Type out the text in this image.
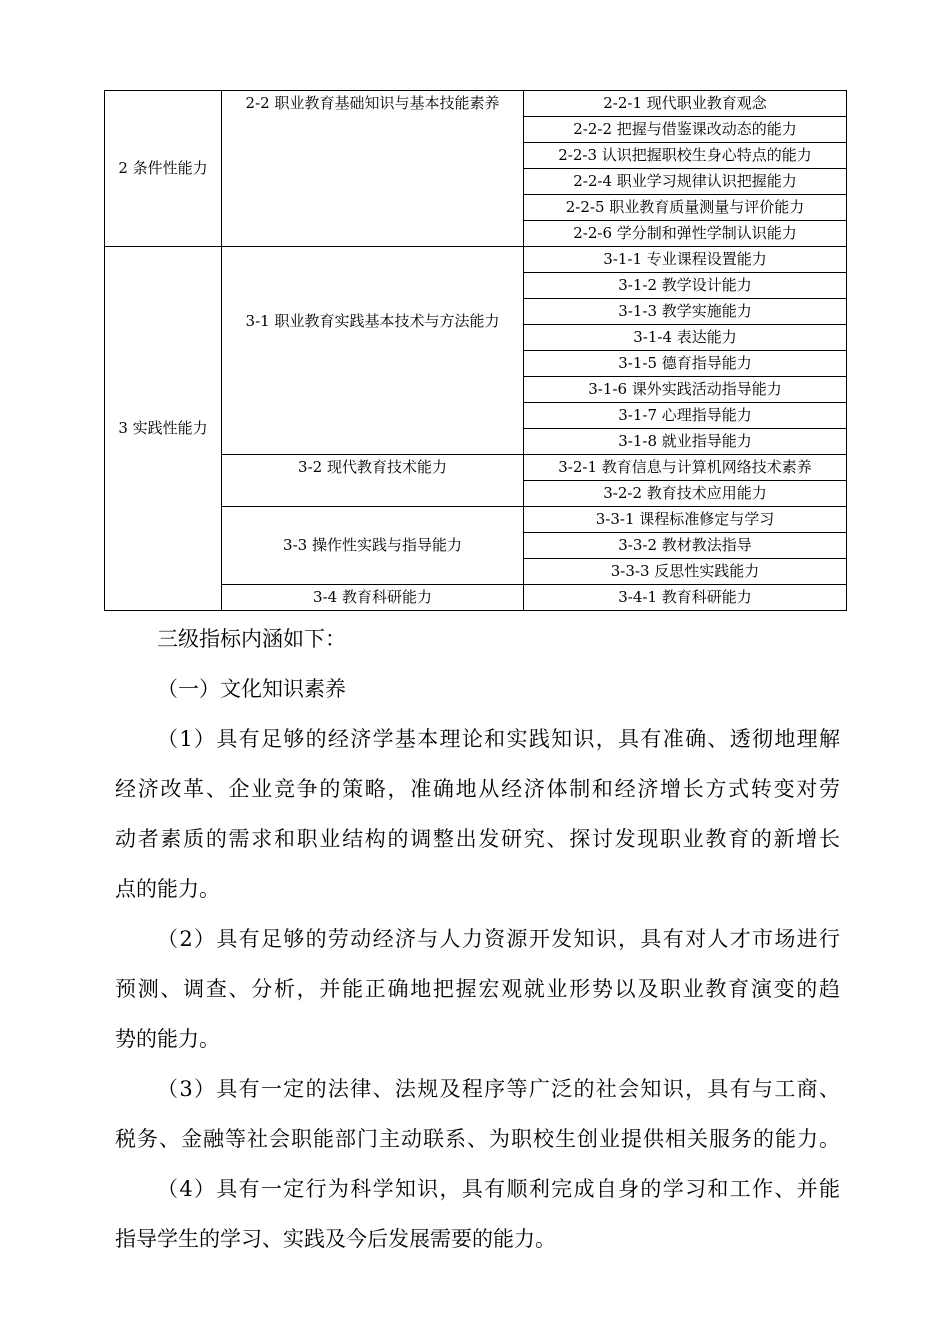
2 条件性能力	2-2 职业教育基础知识与基本技能素养	2-2-1 现代职业教育观念
		2-2-2 把握与借鉴课改动态的能力
		2-2-3 认识把握职校生身心特点的能力
		2-2-4 职业学习规律认识把握能力
		2-2-5 职业教育质量测量与评价能力
		2-2-6 学分制和弹性学制认识能力
3 实践性能力	3-1 职业教育实践基本技术与方法能力	3-1-1 专业课程设置能力
		3-1-2 教学设计能力
		3-1-3 教学实施能力
		3-1-4 表达能力
		3-1-5 德育指导能力
		3-1-6 课外实践活动指导能力
		3-1-7 心理指导能力
		3-1-8 就业指导能力
	3-2 现代教育技术能力	3-2-1 教育信息与计算机网络技术素养
		3-2-2 教育技术应用能力
	3-3 操作性实践与指导能力	3-3-1 课程标准修定与学习
		3-3-2 教材教法指导
		3-3-3 反思性实践能力
	3-4 教育科研能力	3-4-1 教育科研能力

三级指标内涵如下：

（一）文化知识素养

（1）具有足够的经济学基本理论和实践知识，具有准确、透彻地理解

经济改革、企业竞争的策略，准确地从经济体制和经济增长方式转变对劳

动者素质的需求和职业结构的调整出发研究、探讨发现职业教育的新增长

点的能力。

（2）具有足够的劳动经济与人力资源开发知识，具有对人才市场进行

预测、调查、分析，并能正确地把握宏观就业形势以及职业教育演变的趋

势的能力。

（3）具有一定的法律、法规及程序等广泛的社会知识，具有与工商、

税务、金融等社会职能部门主动联系、为职校生创业提供相关服务的能力。

（4）具有一定行为科学知识，具有顺利完成自身的学习和工作、并能

指导学生的学习、实践及今后发展需要的能力。
